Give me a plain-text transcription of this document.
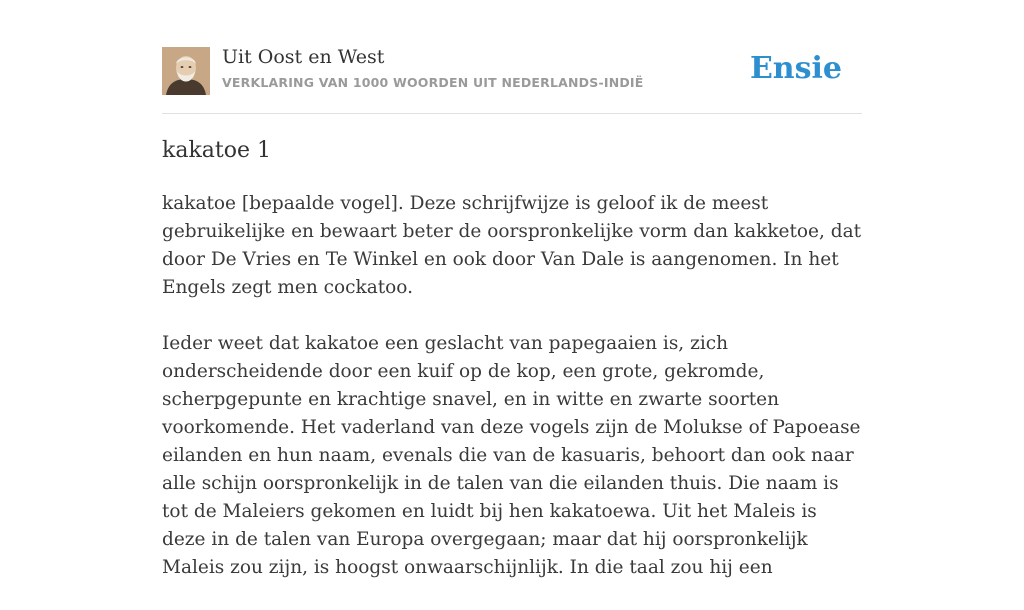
Uit Oost en West
VERKLARING VAN 1000 WOORDEN UIT NEDERLANDS-INDIË	Ensie
kakatoe 1

kakatoe [bepaalde vogel]. Deze schrijfwijze is geloof ik de meest gebruikelijke en bewaart beter de oorspronkelijke vorm dan kakketoe, dat door De Vries en Te Winkel en ook door Van Dale is aangenomen. In het Engels zegt men cockatoo.

Ieder weet dat kakatoe een geslacht van papegaaien is, zich onderscheidende door een kuif op de kop, een grote, gekromde, scherpgepunte en krachtige snavel, en in witte en zwarte soorten voorkomende. Het vaderland van deze vogels zijn de Molukse of Papoease eilanden en hun naam, evenals die van de kasuaris, behoort dan ook naar alle schijn oorspronkelijk in de talen van die eilanden thuis. Die naam is tot de Maleiers gekomen en luidt bij hen kakatoewa. Uit het Maleis is deze in de talen van Europa overgegaan; maar dat hij oorspronkelijk Maleis zou zijn, is hoogst onwaarschijnlijk. In die taal zou hij een
